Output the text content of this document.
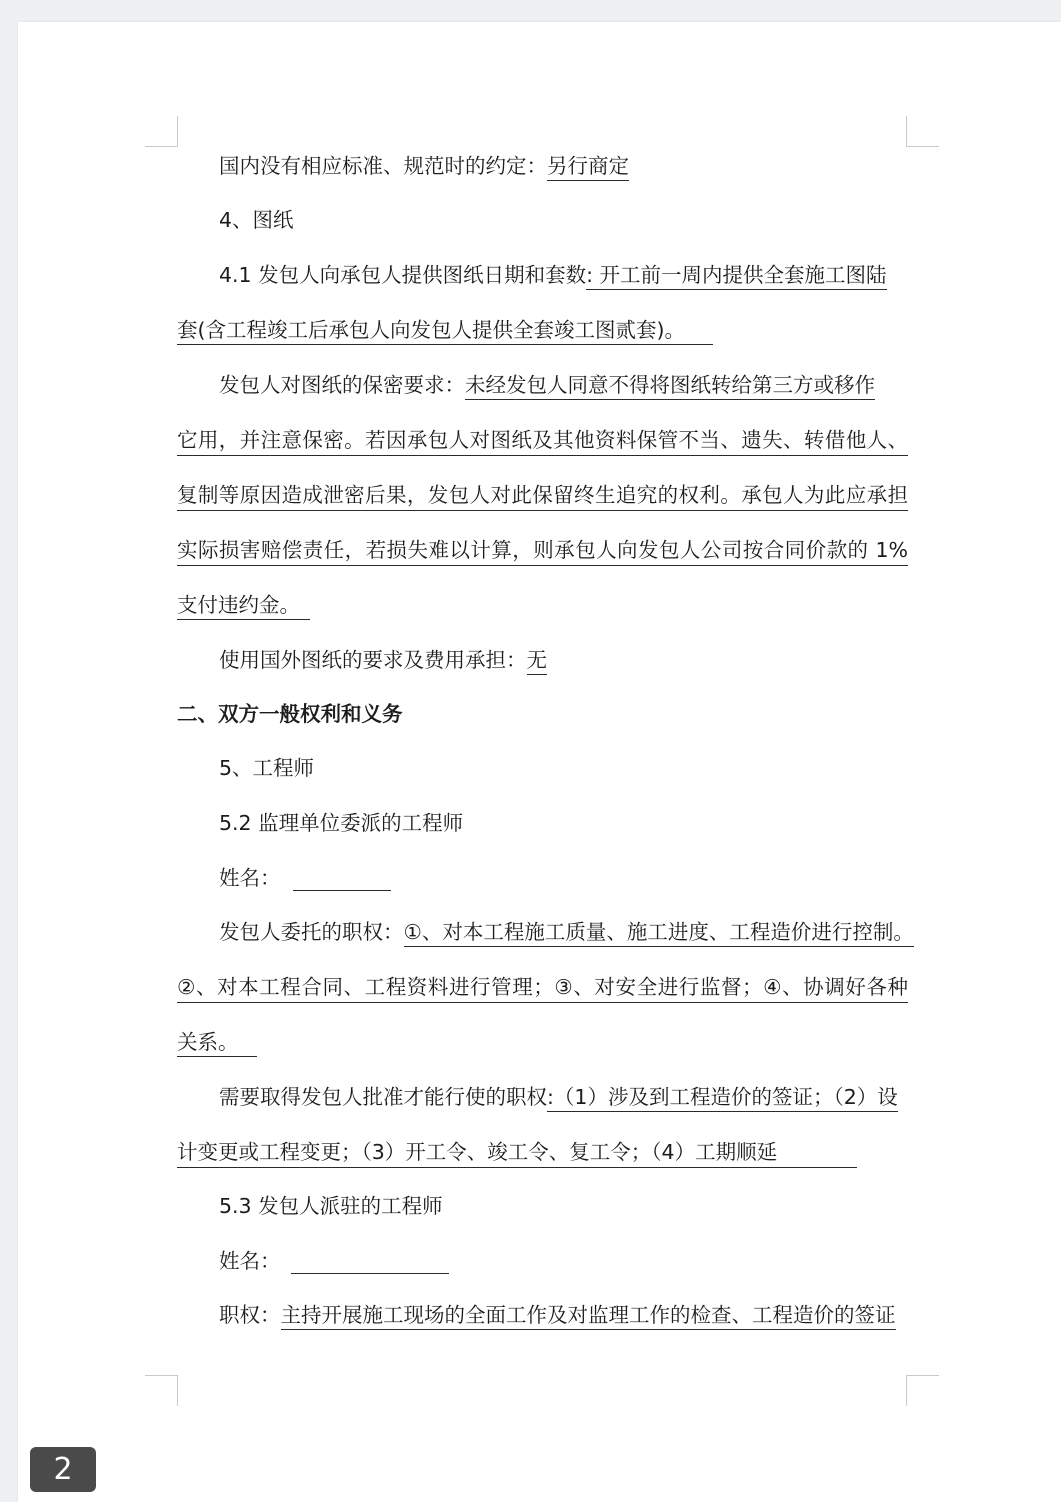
国内没有相应标准、规范时的约定：另行商定
4、图纸
4.1 发包人向承包人提供图纸日期和套数: 开工前一周内提供全套施工图陆
套(含工程竣工后承包人向发包人提供全套竣工图贰套)。
发包人对图纸的保密要求：未经发包人同意不得将图纸转给第三方或移作
它用，并注意保密。若因承包人对图纸及其他资料保管不当、遗失、转借他人、
复制等原因造成泄密后果，发包人对此保留终生追究的权利。承包人为此应承担
实际损害赔偿责任，若损失难以计算，则承包人向发包人公司按合同价款的 1%
支付违约金。
使用国外图纸的要求及费用承担：无
二、双方一般权利和义务
5、工程师
5.2 监理单位委派的工程师
姓名：
发包人委托的职权：①、对本工程施工质量、施工进度、工程造价进行控制。
②、对本工程合同、工程资料进行管理；③、对安全进行监督；④、协调好各种
关系。
需要取得发包人批准才能行使的职权:（1）涉及到工程造价的签证；（2）设
计变更或工程变更；（3）开工令、竣工令、复工令；（4）工期顺延
5.3 发包人派驻的工程师
姓名：
职权：主持开展施工现场的全面工作及对监理工作的检查、工程造价的签证
2
